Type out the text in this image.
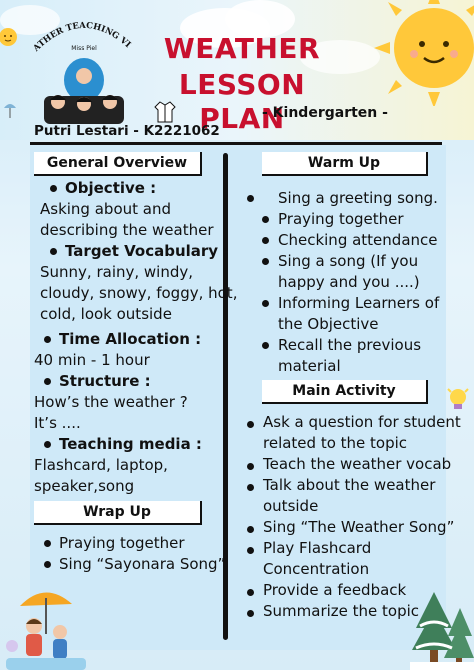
ATHER TEACHING VI
Miss Piel	WEATHER
LESSON PLAN
- Kindergarten -
Putri Lestari - K2221062
General Overview
Objective :
Asking about and
describing the weather
Target Vocabulary :
Sunny, rainy, windy,
cloudy, snowy, foggy, hot,
cold, look outside
Time Allocation :
40 min - 1 hour
Structure :
How’s the weather ?
It’s ....
Teaching media :
Flashcard, laptop,
speaker,song
Wrap Up
Praying together
Sing “Sayonara Song”
Warm Up
Sing a greeting song.
Praying together
Checking attendance
Sing a song (If you
happy and you ....)
Informing Learners of
the Objective
Recall the previous
material
Main Activity
Ask a question for student
related to the topic
Teach the weather vocab
Talk about the weather
outside
Sing “The Weather Song”
Play Flashcard
Concentration
Provide a feedback
Summarize the topic
